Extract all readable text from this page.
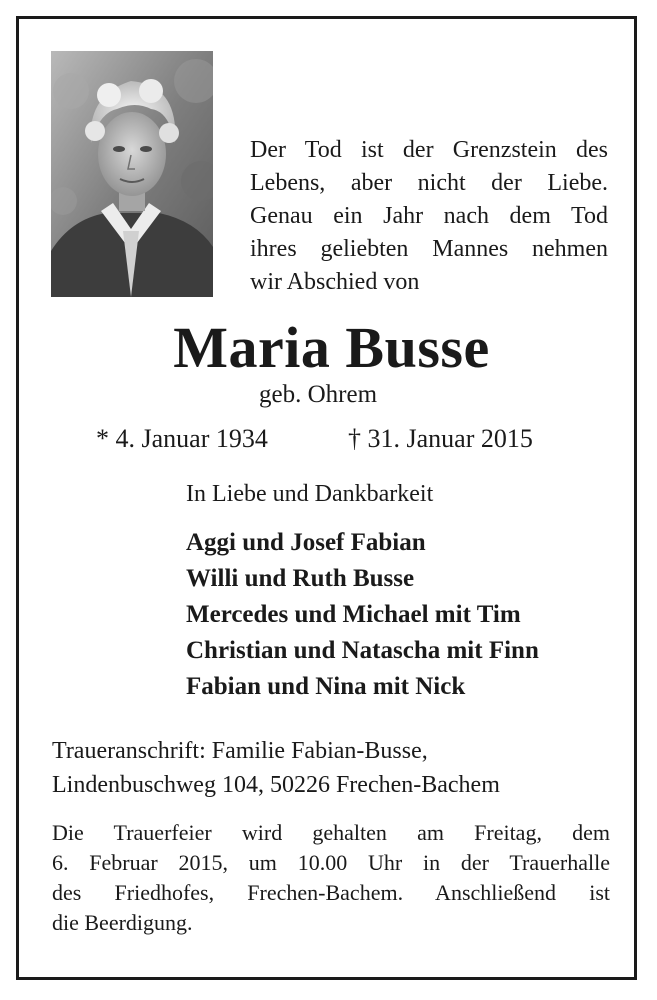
Der Tod ist der Grenzstein des
Lebens, aber nicht der Liebe.
Genau ein Jahr nach dem Tod
ihres geliebten Mannes nehmen
wir Abschied von
Maria Busse
geb. Ohrem
* 4. Januar 1934	† 31. Januar 2015
In Liebe und Dankbarkeit
Aggi und Josef Fabian
Willi und Ruth Busse
Mercedes und Michael mit Tim
Christian und Natascha mit Finn
Fabian und Nina mit Nick
Traueranschrift: Familie Fabian-Busse,
Lindenbuschweg 104, 50226 Frechen-Bachem
Die Trauerfeier wird gehalten am Freitag, dem
6. Februar 2015, um 10.00 Uhr in der Trauerhalle
des Friedhofes, Frechen-Bachem. Anschließend ist
die Beerdigung.
